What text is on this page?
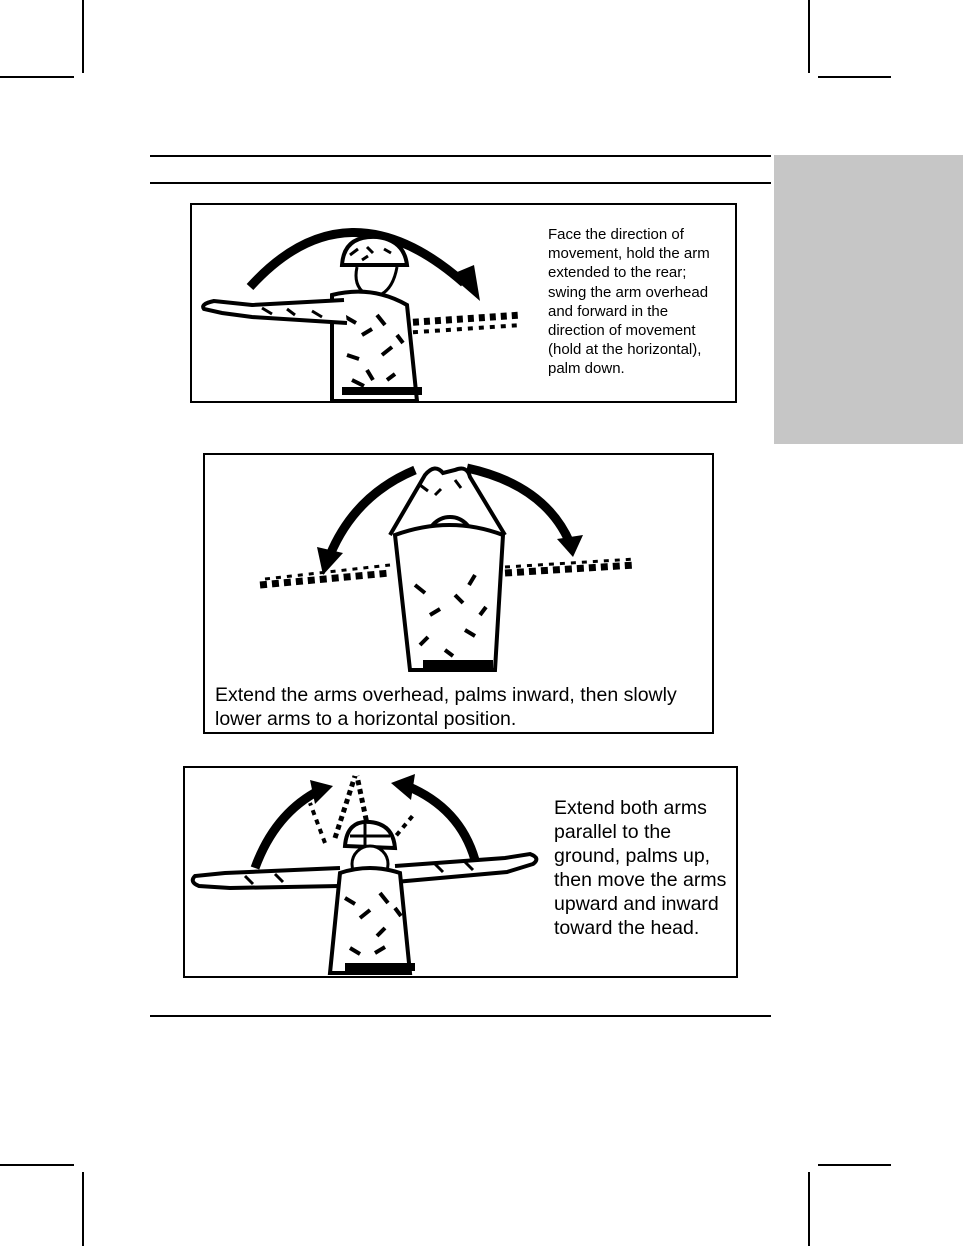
Face the direction of
movement, hold the arm
extended to the rear;
swing the arm overhead
and forward in the
direction of movement
(hold at the horizontal),
palm down.
Extend the arms overhead, palms inward, then slowly
lower arms to a horizontal position.
Extend both arms
parallel to the
ground, palms up,
then move the arms
upward and inward
toward the head.
